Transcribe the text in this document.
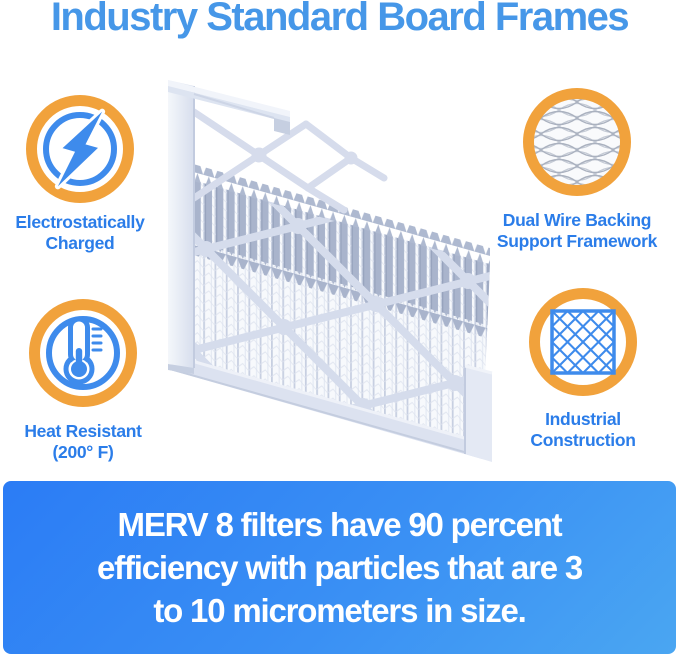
Industry Standard Board Frames
Electrostatically
Charged
Dual Wire Backing
Support Framework
Heat Resistant
(200° F)
Industrial
Construction
MERV 8 filters have 90 percent
efficiency with particles that are 3
to 10 micrometers in size.
